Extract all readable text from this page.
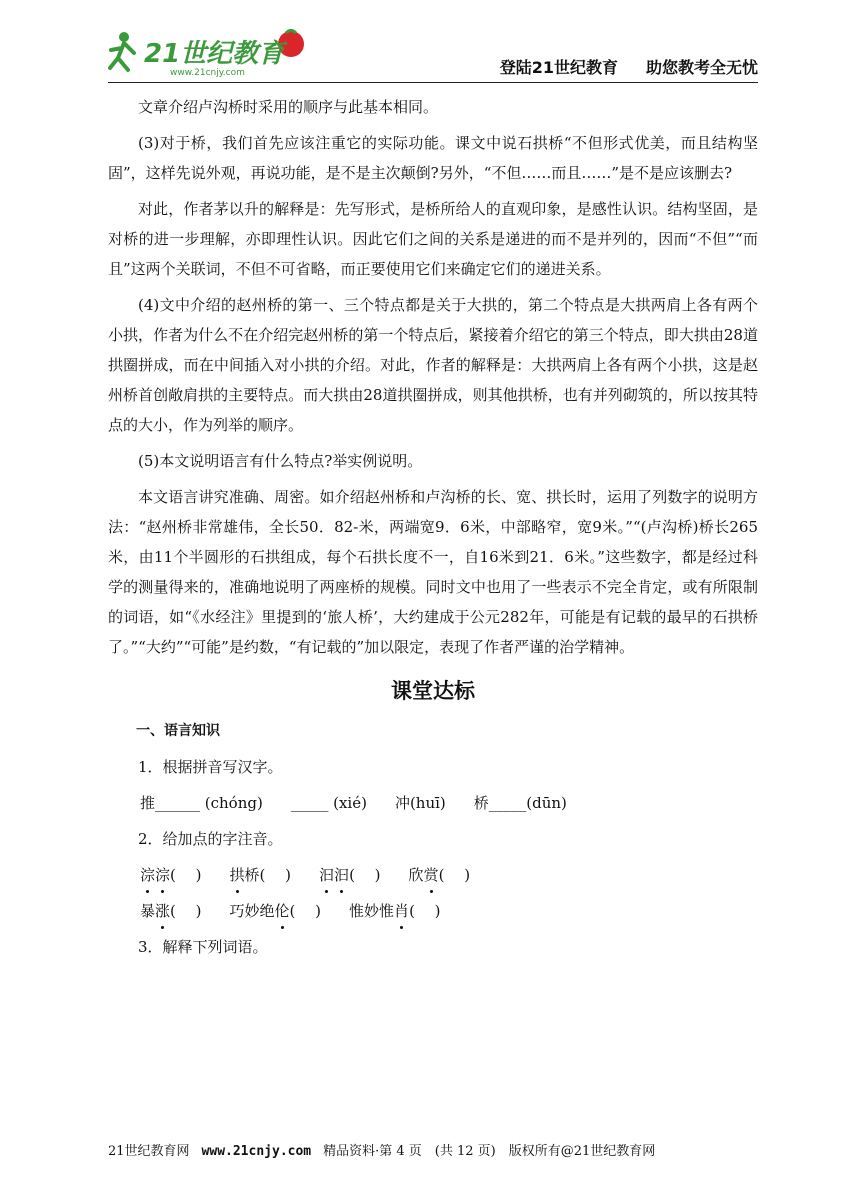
21世纪教育
www.21cnjy.com	登陆21世纪教育 助您教考全无忧

文章介绍卢沟桥时采用的顺序与此基本相同。

(3)对于桥，我们首先应该注重它的实际功能。课文中说石拱桥“不但形式优美，而且结构坚固”，这样先说外观，再说功能，是不是主次颠倒?另外，“不但……而且……”是不是应该删去?

对此，作者茅以升的解释是：先写形式，是桥所给人的直观印象，是感性认识。结构坚固，是对桥的进一步理解，亦即理性认识。因此它们之间的关系是递进的而不是并列的，因而“不但”“而且”这两个关联词，不但不可省略，而正要使用它们来确定它们的递进关系。

(4)文中介绍的赵州桥的第一、三个特点都是关于大拱的，第二个特点是大拱两肩上各有两个小拱，作者为什么不在介绍完赵州桥的第一个特点后，紧接着介绍它的第三个特点，即大拱由28道拱圈拼成，而在中间插入对小拱的介绍。对此，作者的解释是：大拱两肩上各有两个小拱，这是赵州桥首创敞肩拱的主要特点。而大拱由28道拱圈拼成，则其他拱桥，也有并列砌筑的，所以按其特点的大小，作为列举的顺序。

(5)本文说明语言有什么特点?举实例说明。

本文语言讲究准确、周密。如介绍赵州桥和卢沟桥的长、宽、拱长时，运用了列数字的说明方法：“赵州桥非常雄伟，全长50．82-米，两端宽9．6米，中部略窄，宽9米。”“(卢沟桥)桥长265米，由11个半圆形的石拱组成，每个石拱长度不一，自16米到21．6米。”这些数字，都是经过科学的测量得来的，准确地说明了两座桥的规模。同时文中也用了一些表示不完全肯定，或有所限制的词语，如“《水经注》里提到的‘旅人桥’，大约建成于公元282年，可能是有记载的最早的石拱桥了。”“大约”“可能”是约数，“有记载的”加以限定，表现了作者严谨的治学精神。

课堂达标
一、语言知识
1．根据拼音写汉字。
推______ (chóng) _____ (xié) 冲(huī) 桥_____(dūn)
2．给加点的字注音。
淙淙(　 ) 拱桥(　 ) 汩汩(　 ) 欣赏(　 )
暴涨(　 ) 巧妙绝伦(　 ) 惟妙惟肖(　 )
3．解释下列词语。
21世纪教育网 www.21cnjy.com 精品资料·第 4 页　(共 12 页)　版权所有@21世纪教育网
